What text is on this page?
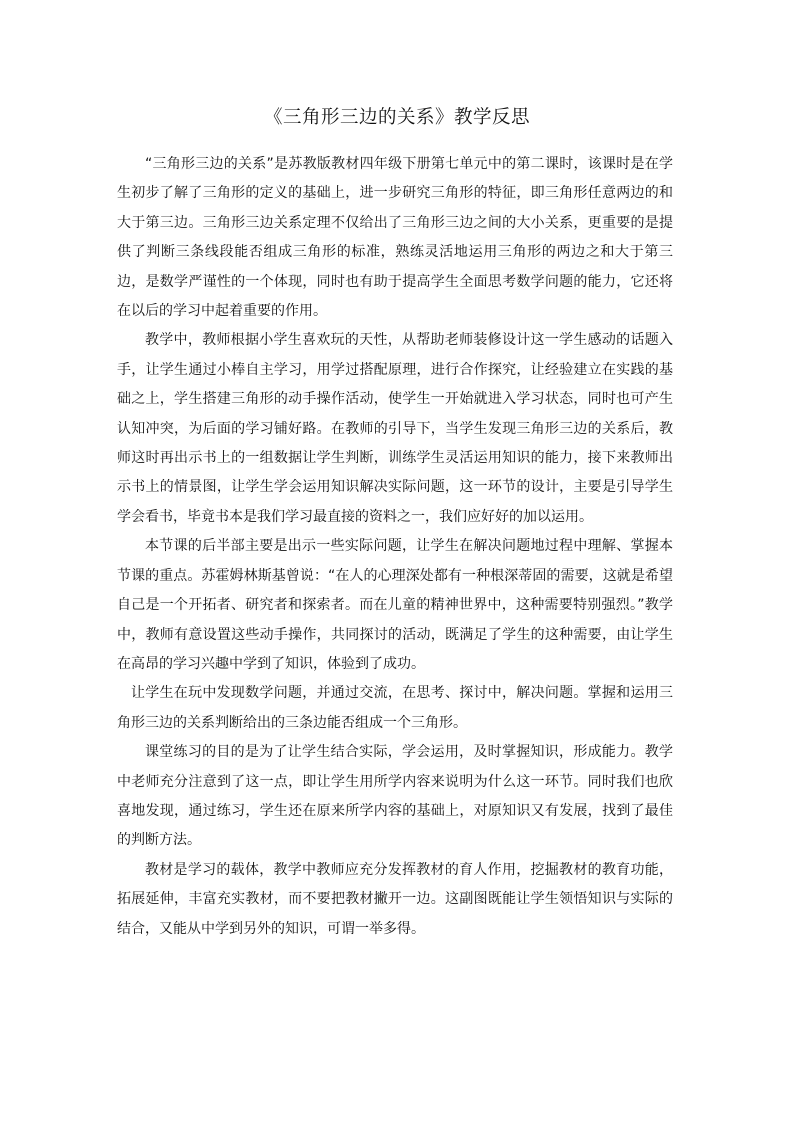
《三角形三边的关系》教学反思

“三角形三边的关系”是苏教版教材四年级下册第七单元中的第二课时，该课时是在学生初步了解了三角形的定义的基础上，进一步研究三角形的特征，即三角形任意两边的和大于第三边。三角形三边关系定理不仅给出了三角形三边之间的大小关系，更重要的是提供了判断三条线段能否组成三角形的标准，熟练灵活地运用三角形的两边之和大于第三边，是数学严谨性的一个体现，同时也有助于提高学生全面思考数学问题的能力，它还将在以后的学习中起着重要的作用。

教学中，教师根据小学生喜欢玩的天性，从帮助老师装修设计这一学生感动的话题入手，让学生通过小棒自主学习，用学过搭配原理，进行合作探究，让经验建立在实践的基础之上，学生搭建三角形的动手操作活动，使学生一开始就进入学习状态，同时也可产生认知冲突，为后面的学习铺好路。在教师的引导下，当学生发现三角形三边的关系后，教师这时再出示书上的一组数据让学生判断，训练学生灵活运用知识的能力，接下来教师出示书上的情景图，让学生学会运用知识解决实际问题，这一环节的设计，主要是引导学生学会看书，毕竟书本是我们学习最直接的资料之一，我们应好好的加以运用。

本节课的后半部主要是出示一些实际问题，让学生在解决问题地过程中理解、掌握本节课的重点。苏霍姆林斯基曾说：“在人的心理深处都有一种根深蒂固的需要，这就是希望自己是一个开拓者、研究者和探索者。而在儿童的精神世界中，这种需要特别强烈。”教学中，教师有意设置这些动手操作，共同探讨的活动，既满足了学生的这种需要，由让学生在高昂的学习兴趣中学到了知识，体验到了成功。

让学生在玩中发现数学问题，并通过交流，在思考、探讨中，解决问题。掌握和运用三角形三边的关系判断给出的三条边能否组成一个三角形。

课堂练习的目的是为了让学生结合实际，学会运用，及时掌握知识，形成能力。教学中老师充分注意到了这一点，即让学生用所学内容来说明为什么这一环节。同时我们也欣喜地发现，通过练习，学生还在原来所学内容的基础上，对原知识又有发展，找到了最佳的判断方法。

教材是学习的载体，教学中教师应充分发挥教材的育人作用，挖掘教材的教育功能，拓展延伸，丰富充实教材，而不要把教材撇开一边。这副图既能让学生领悟知识与实际的结合，又能从中学到另外的知识，可谓一举多得。
